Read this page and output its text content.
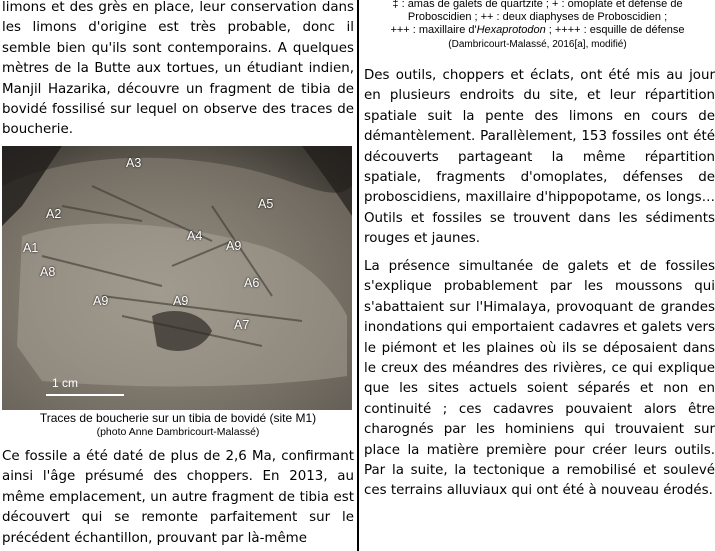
limons et des grès en place, leur conservation dans les limons d'origine est très probable, donc il semble bien qu'ils sont contemporains. A quelques mètres de la Butte aux tortues, un étudiant indien, Manjil Hazarika, découvre un fragment de tibia de bovidé fossilisé sur lequel on observe des traces de boucherie.

A3
A2
A5
A1
A4
A9
A8
A6
A9	A9
A7
1 cm
Traces de boucherie sur un tibia de bovidé (site M1)
(photo Anne Dambricourt-Malassé)

Ce fossile a été daté de plus de 2,6 Ma, confirmant ainsi l'âge présumé des choppers. En 2013, au même emplacement, un autre fragment de tibia est découvert qui se remonte parfaitement sur le précédent échantillon, prouvant par là-même

‡ : amas de galets de quartzite ; + : omoplate et défense de
Proboscidien ; ++ : deux diaphyses de Proboscidien ;
+++ : maxillaire d'Hexaprotodon ; ++++ : esquille de défense
(Dambricourt-Malassé, 2016[a], modifié)

Des outils, choppers et éclats, ont été mis au jour en plusieurs endroits du site, et leur répartition spatiale suit la pente des limons en cours de démantèlement. Parallèlement, 153 fossiles ont été découverts partageant la même répartition spatiale, fragments d'omoplates, défenses de proboscidiens, maxillaire d'hippopotame, os longs… Outils et fossiles se trouvent dans les sédiments rouges et jaunes.

La présence simultanée de galets et de fossiles s'explique probablement par les moussons qui s'abattaient sur l'Himalaya, provoquant de grandes inondations qui emportaient cadavres et galets vers le piémont et les plaines où ils se déposaient dans le creux des méandres des rivières, ce qui explique que les sites actuels soient séparés et non en continuité ; ces cadavres pouvaient alors être charognés par les hominiens qui trouvaient sur place la matière première pour créer leurs outils. Par la suite, la tectonique a remobilisé et soulevé ces terrains alluviaux qui ont été à nouveau érodés.
